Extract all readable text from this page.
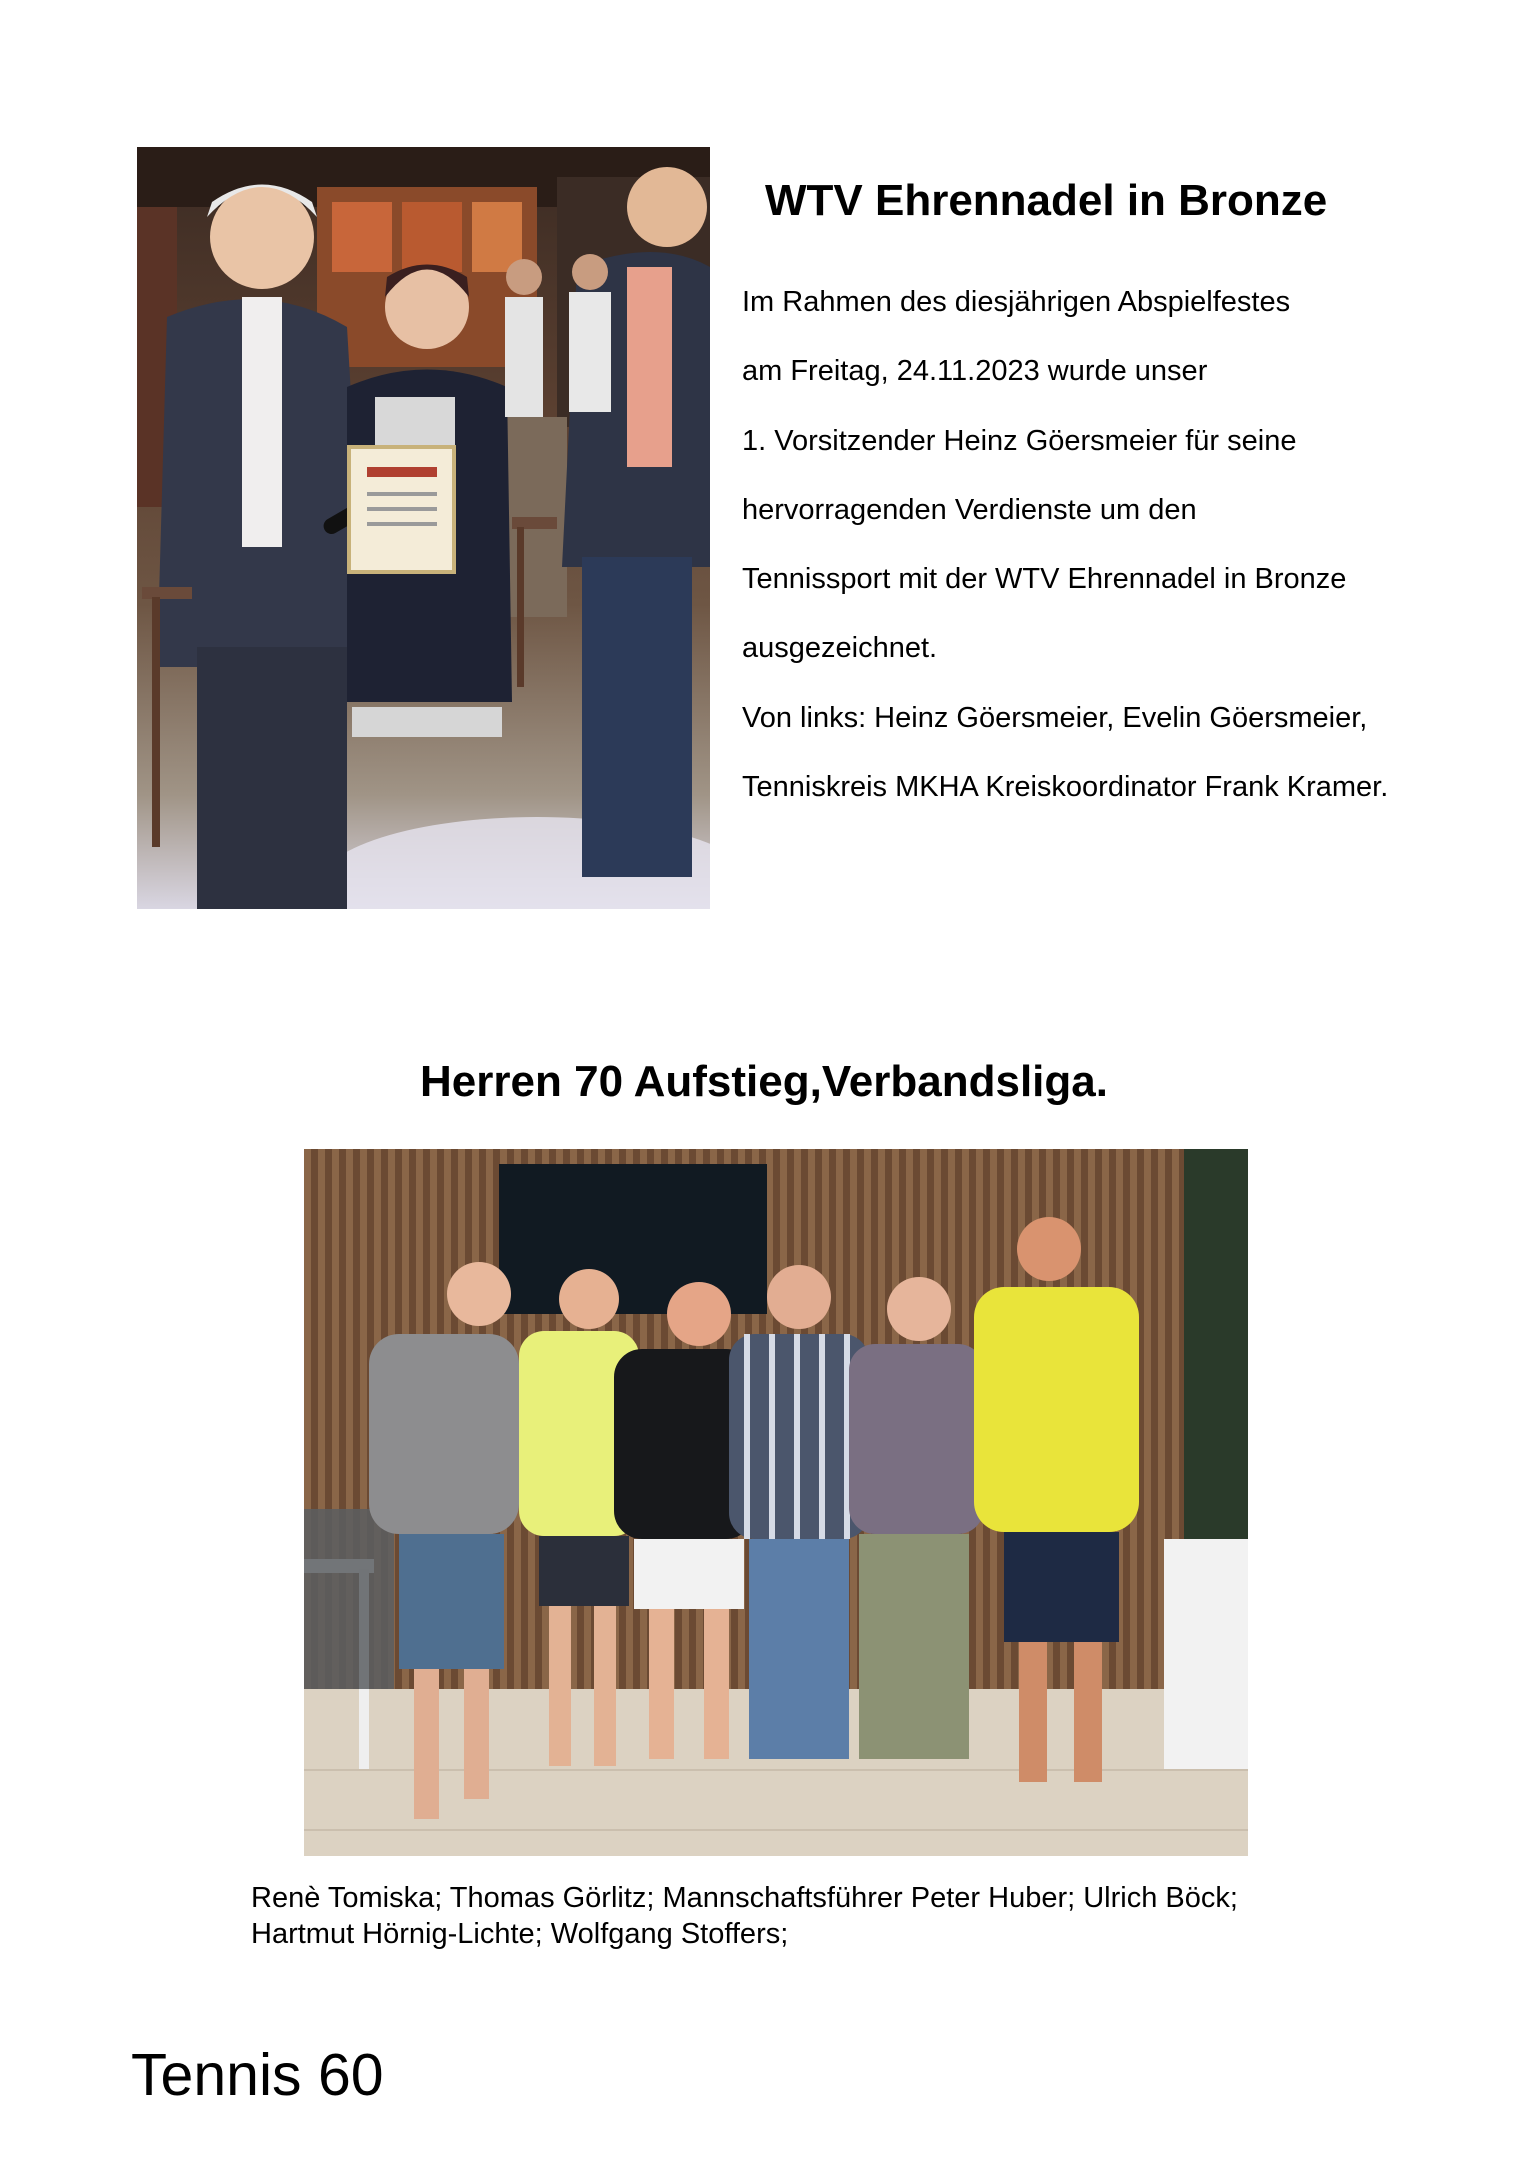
WTV Ehrennadel in Bronze
Im Rahmen des diesjährigen Abspielfestes
am Freitag, 24.11.2023 wurde unser
1. Vorsitzender Heinz Göersmeier für seine
hervorragenden Verdienste um den
Tennissport mit der WTV Ehrennadel in Bronze
ausgezeichnet.
Von links: Heinz Göersmeier, Evelin Göersmeier,
Tenniskreis MKHA Kreiskoordinator Frank Kramer.
Herren 70 Aufstieg,Verbandsliga.
Renè Tomiska; Thomas Görlitz; Mannschaftsführer Peter Huber; Ulrich Böck;
Hartmut Hörnig-Lichte; Wolfgang Stoffers;
Tennis 60
